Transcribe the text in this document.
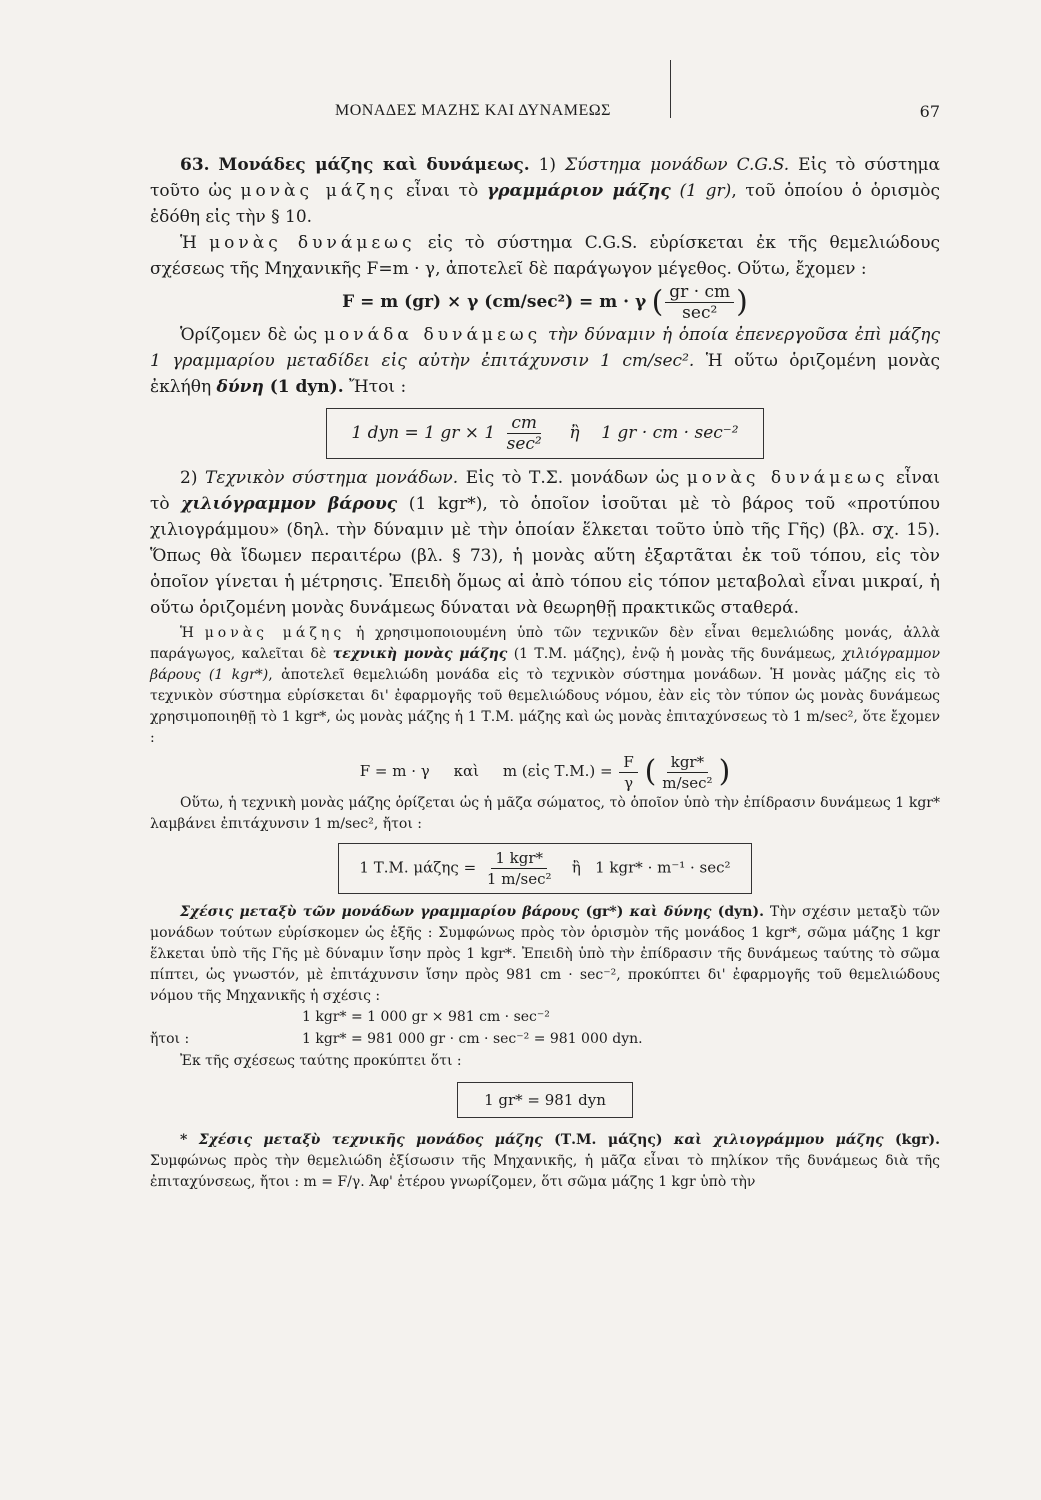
ΜΟΝΑΔΕΣ ΜΑΖΗΣ ΚΑΙ ΔΥΝΑΜΕΩΣ	67

63. Μονάδες μάζης καὶ δυνάμεως. 1) Σύστημα μονάδων C.G.S. Εἰς τὸ σύστημα τοῦτο ὡς μονὰς μάζης εἶναι τὸ γραμμάριον μάζης (1 gr), τοῦ ὁποίου ὁ ὁρισμὸς ἐδόθη εἰς τὴν § 10.

Ἡ μονὰς δυνάμεως εἰς τὸ σύστημα C.G.S. εὑρίσκεται ἐκ τῆς θεμελιώδους σχέσεως τῆς Μηχανικῆς F=m · γ, ἀποτελεῖ δὲ παράγωγον μέγεθος. Οὕτω, ἔχομεν :

F = m (gr) × γ (cm/sec²) = m · γ ( $\frac{gr \cdot cm}{\text{sec²}}$ )

Ὁρίζομεν δὲ ὡς μονάδα δυνάμεως τὴν δύναμιν ἡ ὁποία ἐπενεργοῦσα ἐπὶ μάζης 1 γραμμαρίου μεταδίδει εἰς αὐτὴν ἐπιτάχυνσιν 1 cm/sec². Ἡ οὕτω ὁριζομένη μονὰς ἐκλήθη δύνη (1 dyn). Ἤτοι :

1 dyn = 1 gr × $1 \frac{cm}{\text{sec²}}$ ἢ 1 gr · cm · sec⁻²

2) Τεχνικὸν σύστημα μονάδων. Εἰς τὸ Τ.Σ. μονάδων ὡς μονὰς δυνάμεως εἶναι τὸ χιλιόγραμμον βάρους (1 kgr*), τὸ ὁποῖον ἰσοῦται μὲ τὸ βάρος τοῦ «προτύπου χιλιογράμμου» (δηλ. τὴν δύναμιν μὲ τὴν ὁποίαν ἕλκεται τοῦτο ὑπὸ τῆς Γῆς) (βλ. σχ. 15). Ὅπως θὰ ἴδωμεν περαιτέρω (βλ. § 73), ἡ μονὰς αὕτη ἐξαρτᾶται ἐκ τοῦ τόπου, εἰς τὸν ὁποῖον γίνεται ἡ μέτρησις. Ἐπειδὴ ὅμως αἱ ἀπὸ τόπου εἰς τόπον μεταβολαὶ εἶναι μικραί, ἡ οὕτω ὁριζομένη μονὰς δυνάμεως δύναται νὰ θεωρηθῇ πρακτικῶς σταθερά.

Ἡ μονὰς μάζης ἡ χρησιμοποιουμένη ὑπὸ τῶν τεχνικῶν δὲν εἶναι θεμελιώδης μονάς, ἀλλὰ παράγωγος, καλεῖται δὲ τεχνικὴ μονὰς μάζης (1 Τ.Μ. μάζης), ἐνῷ ἡ μονὰς τῆς δυνάμεως, χιλιόγραμμον βάρους (1 kgr*), ἀποτελεῖ θεμελιώδη μονάδα εἰς τὸ τεχνικὸν σύστημα μονάδων. Ἡ μονὰς μάζης εἰς τὸ τεχνικὸν σύστημα εὑρίσκεται δι' ἐφαρμογῆς τοῦ θεμελιώδους νόμου, ἐὰν εἰς τὸν τύπον ὡς μονὰς δυνάμεως χρησιμοποιηθῇ τὸ 1 kgr*, ὡς μονὰς μάζης ἡ 1 Τ.Μ. μάζης καὶ ὡς μονὰς ἐπιταχύνσεως τὸ 1 m/sec², ὅτε ἔχομεν :

F = m · γ καὶ m (εἰς $T.M.) = \frac{F}{\gamma}$ ( $\frac{\text{kgr*}}{\text{m/sec²}}$ )

Οὕτω, ἡ τεχνικὴ μονὰς μάζης ὁρίζεται ὡς ἡ μᾶζα σώματος, τὸ ὁποῖον ὑπὸ τὴν ἐπίδρασιν δυνάμεως 1 kgr* λαμβάνει ἐπιτάχυνσιν 1 m/sec², ἤτοι :

1 Τ.Μ. $\mu ά\zeta\eta\varsigma = \frac{\text{1 kgr*}}{\text{1 m/sec²}}$ ἢ 1 kgr* · m⁻¹ · sec²

Σχέσις μεταξὺ τῶν μονάδων γραμμαρίου βάρους (gr*) καὶ δύνης (dyn). Τὴν σχέσιν μεταξὺ τῶν μονάδων τούτων εὑρίσκομεν ὡς ἑξῆς : Συμφώνως πρὸς τὸν ὁρισμὸν τῆς μονάδος 1 kgr*, σῶμα μάζης 1 kgr ἕλκεται ὑπὸ τῆς Γῆς μὲ δύναμιν ἴσην πρὸς 1 kgr*. Ἐπειδὴ ὑπὸ τὴν ἐπίδρασιν τῆς δυνάμεως ταύτης τὸ σῶμα πίπτει, ὡς γνωστόν, μὲ ἐπιτάχυνσιν ἴσην πρὸς 981 cm · sec⁻², προκύπτει δι' ἐφαρμογῆς τοῦ θεμελιώδους νόμου τῆς Μηχανικῆς ἡ σχέσις :

1 kgr* = 1 000 gr × 981 cm · sec⁻²
ἤτοι :	1 kgr* = 981 000 gr · cm · sec⁻² = 981 000 dyn.

Ἐκ τῆς σχέσεως ταύτης προκύπτει ὅτι :

1 gr* = 981 dyn

* Σχέσις μεταξὺ τεχνικῆς μονάδος μάζης (Τ.Μ. μάζης) καὶ χιλιογράμμου μάζης (kgr). Συμφώνως πρὸς τὴν θεμελιώδη ἐξίσωσιν τῆς Μηχανικῆς, ἡ μᾶζα εἶναι τὸ πηλίκον τῆς δυνάμεως διὰ τῆς ἐπιταχύνσεως, ἤτοι : m = F/γ. Ἀφ' ἑτέρου γνωρίζομεν, ὅτι σῶμα μάζης 1 kgr ὑπὸ τὴν
